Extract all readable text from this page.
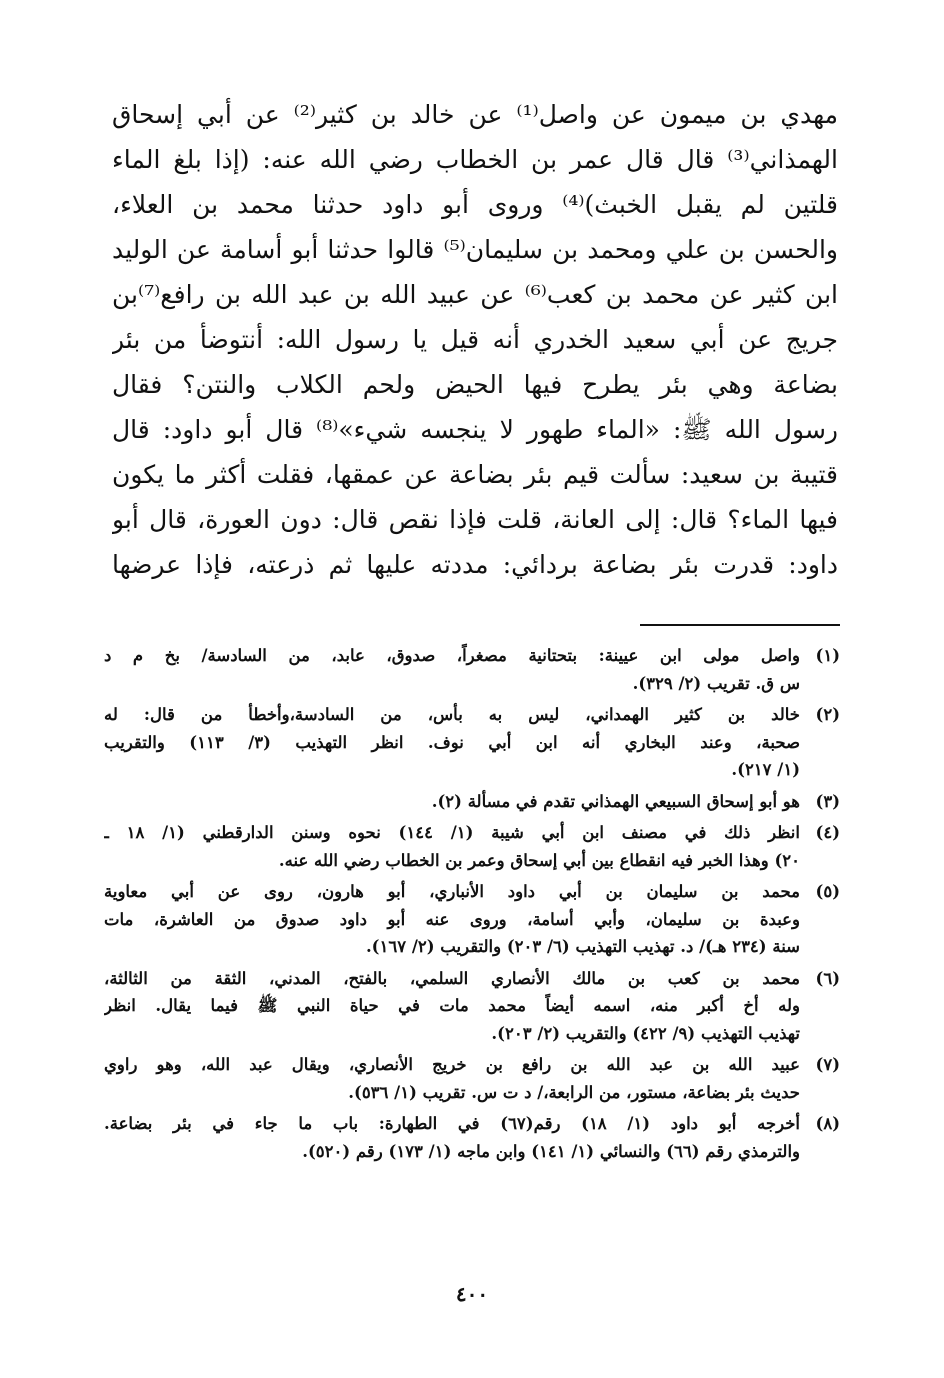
مهدي بن ميمون عن واصل⁽¹⁾ عن خالد بن كثير⁽²⁾ عن أبي إسحاق
الهمذاني⁽³⁾ قال قال عمر بن الخطاب رضي الله عنه: (إذا بلغ الماء
قلتين لم يقبل الخبث)⁽⁴⁾ وروى أبو داود حدثنا محمد بن العلاء،
والحسن بن علي ومحمد بن سليمان⁽⁵⁾ قالوا حدثنا أبو أسامة عن الوليد
ابن كثير عن محمد بن كعب⁽⁶⁾ عن عبيد الله بن عبد الله بن رافع⁽⁷⁾بن
جريج عن أبي سعيد الخدري أنه قيل يا رسول الله: أنتوضأ من بئر
بضاعة وهي بئر يطرح فيها الحيض ولحم الكلاب والنتن؟ فقال
رسول الله ﷺ: «الماء طهور لا ينجسه شيء»⁽⁸⁾ قال أبو داود: قال
قتيبة بن سعيد: سألت قيم بئر بضاعة عن عمقها، فقلت أكثر ما يكون
فيها الماء؟ قال: إلى العانة، قلت فإذا نقص قال: دون العورة، قال أبو
داود: قدرت بئر بضاعة بردائي: مددته عليها ثم ذرعته، فإذا عرضها
(١)
واصل مولى ابن عيينة: بتحتانية مصغراً، صدوق، عابد، من السادسة/ بخ م د
س ق. تقريب (٢/ ٣٢٩).
(٢)
خالد بن كثير الهمداني، ليس به بأس، من السادسة،وأخطأ من قال: له
صحبة، وعند البخاري أنه ابن أبي نوف. انظر التهذيب (٣/ ١١٣) والتقريب
(١/ ٢١٧).
(٣)
هو أبو إسحاق السبيعي الهمذاني تقدم في مسألة (٢).
(٤)
انظر ذلك في مصنف ابن أبي شيبة (١/ ١٤٤) نحوه وسنن الدارقطني (١/ ١٨ ـ
٢٠) وهذا الخبر فيه انقطاع بين أبي إسحاق وعمر بن الخطاب رضي الله عنه.
(٥)
محمد بن سليمان بن أبي داود الأنباري، أبو هارون، روى عن أبي معاوية
وعبدة بن سليمان، وأبي أسامة، وروى عنه أبو داود صدوق من العاشرة، مات
سنة (٢٣٤ هـ)/ د. تهذيب التهذيب (٦/ ٢٠٣) والتقريب (٢/ ١٦٧).
(٦)
محمد بن كعب بن مالك الأنصاري السلمي، بالفتح، المدني، الثقة من الثالثة،
وله أخ أكبر منه، اسمه أيضاً محمد مات في حياة النبي ﷺ فيما يقال. انظر
تهذيب التهذيب (٩/ ٤٢٢) والتقريب (٢/ ٢٠٣).
(٧)
عبيد الله بن عبد الله بن رافع بن خريج الأنصاري، ويقال عبد الله، وهو راوي
حديث بئر بضاعة، مستور، من الرابعة،/ د ت س. تقريب (١/ ٥٣٦).
(٨)
أخرجه أبو داود (١/ ١٨) رقم(٦٧) في الطهارة: باب ما جاء في بئر بضاعة.
والترمذي رقم (٦٦) والنسائي (١/ ١٤١) وابن ماجه (١/ ١٧٣) رقم (٥٢٠).
٤٠٠
